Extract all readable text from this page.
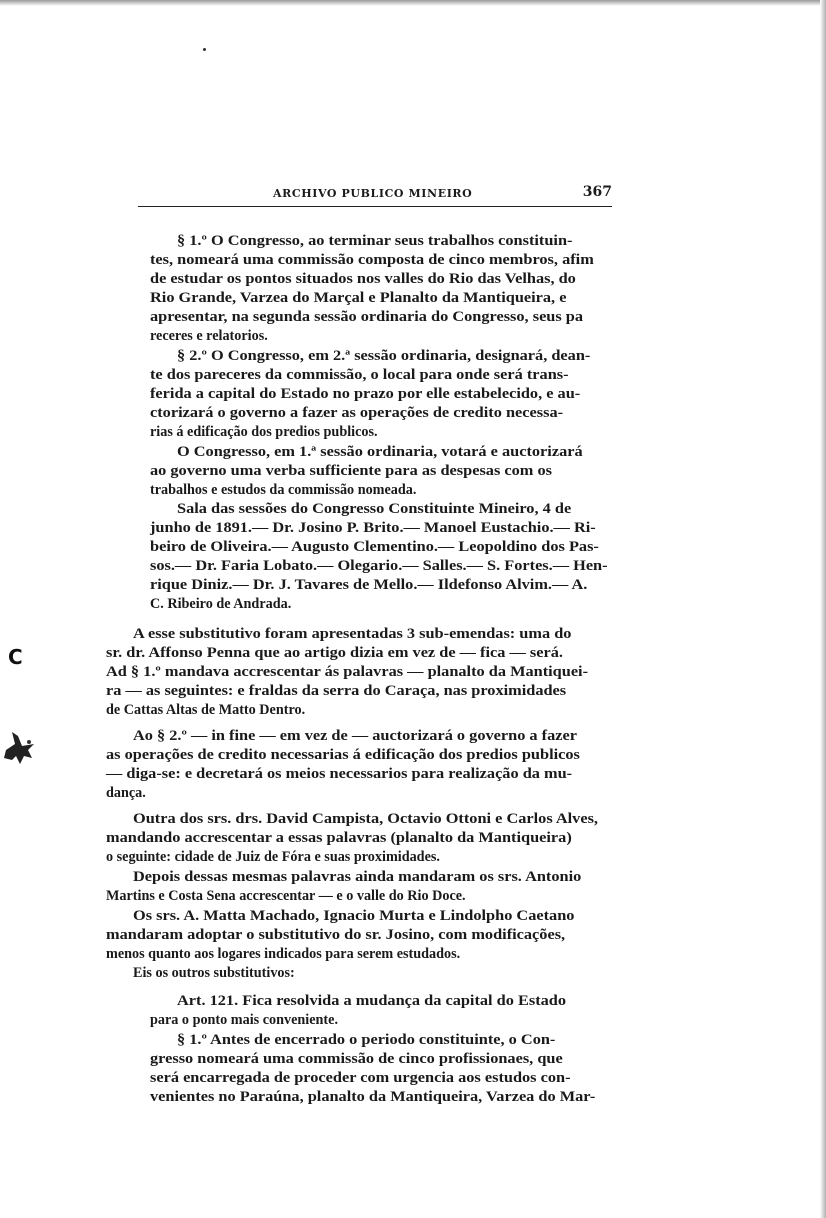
C
ARCHIVO PUBLICO MINEIRO	367
§ 1.º O Congresso, ao terminar seus trabalhos constituin-
tes, nomeará uma commissão composta de cinco membros, afim
de estudar os pontos situados nos valles do Rio das Velhas, do
Rio Grande, Varzea do Marçal e Planalto da Mantiqueira, e
apresentar, na segunda sessão ordinaria do Congresso, seus pa
receres e relatorios.
§ 2.º O Congresso, em 2.ª sessão ordinaria, designará, dean-
te dos pareceres da commissão, o local para onde será trans-
ferida a capital do Estado no prazo por elle estabelecido, e au-
ctorizará o governo a fazer as operações de credito necessa-
rias á edificação dos predios publicos.
O Congresso, em 1.ª sessão ordinaria, votará e auctorizará
ao governo uma verba sufficiente para as despesas com os
trabalhos e estudos da commissão nomeada.
Sala das sessões do Congresso Constituinte Mineiro, 4 de
junho de 1891.— Dr. Josino P. Brito.— Manoel Eustachio.— Ri-
beiro de Oliveira.— Augusto Clementino.— Leopoldino dos Pas-
sos.— Dr. Faria Lobato.— Olegario.— Salles.— S. Fortes.— Hen-
rique Diniz.— Dr. J. Tavares de Mello.— Ildefonso Alvim.— A.
C. Ribeiro de Andrada.
A esse substitutivo foram apresentadas 3 sub-emendas: uma do
sr. dr. Affonso Penna que ao artigo dizia em vez de — fica — será.
Ad § 1.º mandava accrescentar ás palavras — planalto da Mantiquei-
ra — as seguintes: e fraldas da serra do Caraça, nas proximidades
de Cattas Altas de Matto Dentro.
Ao § 2.º — in fine — em vez de — auctorizará o governo a fazer
as operações de credito necessarias á edificação dos predios publicos
— diga-se: e decretará os meios necessarios para realização da mu-
dança.
Outra dos srs. drs. David Campista, Octavio Ottoni e Carlos Alves,
mandando accrescentar a essas palavras (planalto da Mantiqueira)
o seguinte: cidade de Juiz de Fóra e suas proximidades.
Depois dessas mesmas palavras ainda mandaram os srs. Antonio
Martins e Costa Sena accrescentar — e o valle do Rio Doce.
Os srs. A. Matta Machado, Ignacio Murta e Lindolpho Caetano
mandaram adoptar o substitutivo do sr. Josino, com modificações,
menos quanto aos logares indicados para serem estudados.
Eis os outros substitutivos:
Art. 121. Fica resolvida a mudança da capital do Estado
para o ponto mais conveniente.
§ 1.º Antes de encerrado o periodo constituinte, o Con-
gresso nomeará uma commissão de cinco profissionaes, que
será encarregada de proceder com urgencia aos estudos con-
venientes no Paraúna, planalto da Mantiqueira, Varzea do Mar-
